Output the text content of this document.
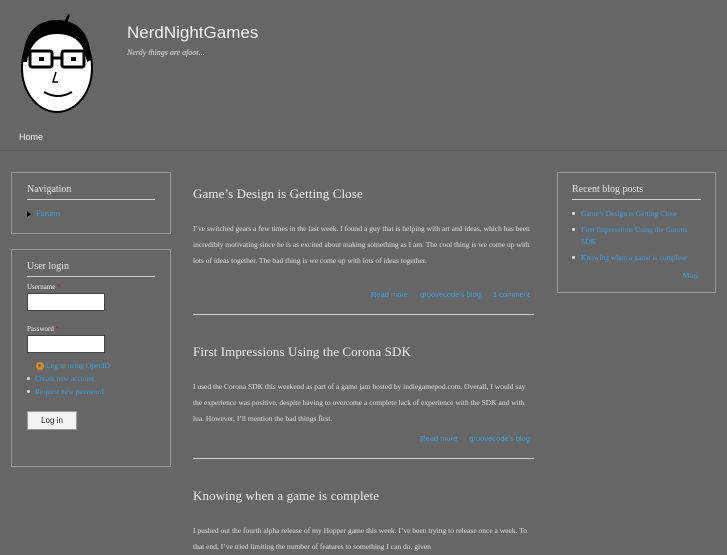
NerdNightGames
Nerdy things are afoot...
Home
Navigation
Forums
User login
Username *
Password *
Log in using OpenID
Create new account
Request new password
Log in
Recent blog posts
Game’s Design is Getting Close
First Impressions Using the Corona SDK
Knowing when a game is complete
More
Game’s Design is Getting Close

I’ve switched gears a few times in the last week. I found a guy that is helping with art and ideas, which has been incredibly motivating since he is as excited about making something as I am. The cool thing is we come up with lots of ideas together. The bad thing is we come up with lots of ideas together.

Read more groovecode's blog 1 comment
First Impressions Using the Corona SDK

I used the Corona SDK this weekend as part of a game jam hosted by indiegamepod.com. Overall, I would say the experience was positive, despite having to overcome a complete lack of experience with the SDK and with lua. However, I’ll mention the bad things first.

Read more groovecode's blog
Knowing when a game is complete

I pushed out the fourth alpha release of my Hopper game this week. I’ve been trying to release once a week. To that end, I’ve tried limiting the number of features to something I can do, given
